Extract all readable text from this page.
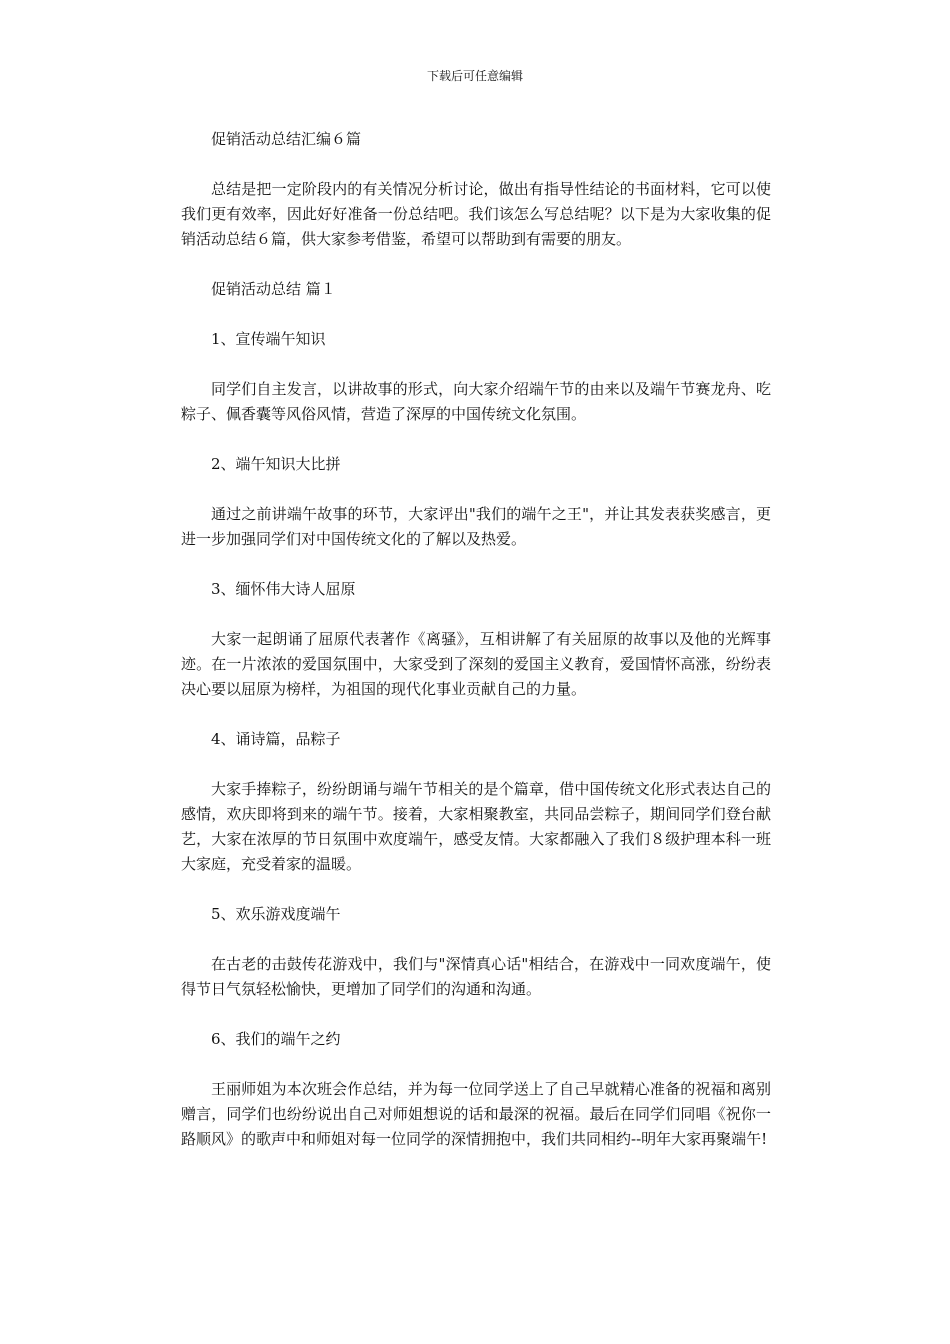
下载后可任意编辑

促销活动总结汇编６篇

总结是把一定阶段内的有关情况分析讨论，做出有指导性结论的书面材料，它可以使我们更有效率，因此好好准备一份总结吧。我们该怎么写总结呢？以下是为大家收集的促销活动总结６篇，供大家参考借鉴，希望可以帮助到有需要的朋友。

促销活动总结 篇１

1、宣传端午知识

同学们自主发言，以讲故事的形式，向大家介绍端午节的由来以及端午节赛龙舟、吃粽子、佩香囊等风俗风情，营造了深厚的中国传统文化氛围。

2、端午知识大比拼

通过之前讲端午故事的环节，大家评出"我们的端午之王"，并让其发表获奖感言，更进一步加强同学们对中国传统文化的了解以及热爱。

3、缅怀伟大诗人屈原

大家一起朗诵了屈原代表著作《离骚》，互相讲解了有关屈原的故事以及他的光辉事迹。在一片浓浓的爱国氛围中，大家受到了深刻的爱国主义教育，爱国情怀高涨，纷纷表决心要以屈原为榜样，为祖国的现代化事业贡献自己的力量。

4、诵诗篇，品粽子

大家手捧粽子，纷纷朗诵与端午节相关的是个篇章，借中国传统文化形式表达自己的感情，欢庆即将到来的端午节。接着，大家相聚教室，共同品尝粽子，期间同学们登台献艺，大家在浓厚的节日氛围中欢度端午，感受友情。大家都融入了我们８级护理本科一班大家庭，充受着家的温暖。

5、欢乐游戏度端午

在古老的击鼓传花游戏中，我们与"深情真心话"相结合，在游戏中一同欢度端午，使得节日气氛轻松愉快，更增加了同学们的沟通和沟通。

6、我们的端午之约

王丽师姐为本次班会作总结，并为每一位同学送上了自己早就精心准备的祝福和离别赠言，同学们也纷纷说出自己对师姐想说的话和最深的祝福。最后在同学们同唱《祝你一路顺风》的歌声中和师姐对每一位同学的深情拥抱中，我们共同相约--明年大家再聚端午!
